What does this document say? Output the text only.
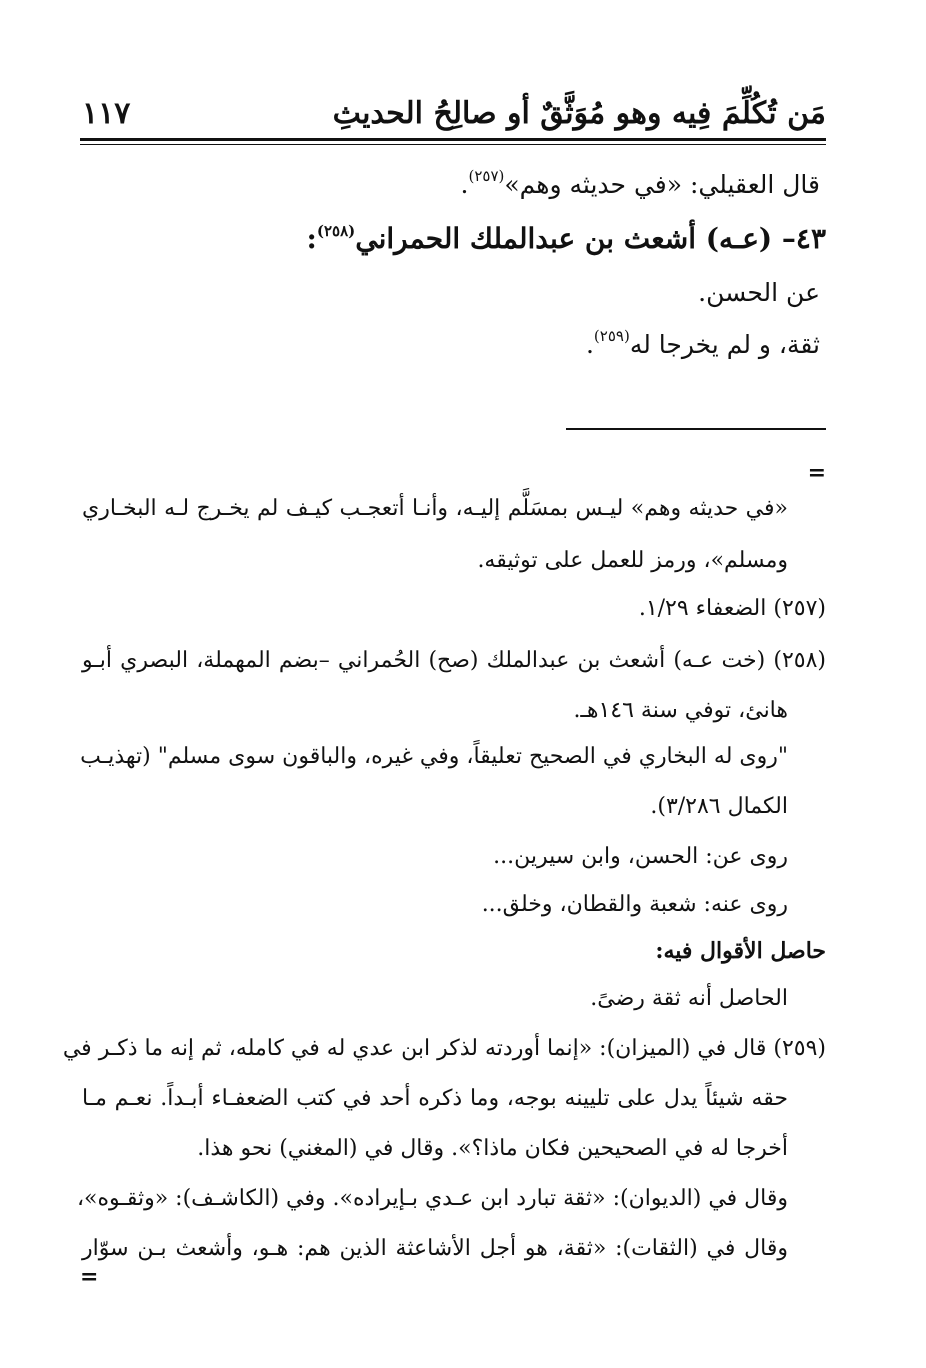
مَن تُكُلِّمَ فِيه وهو مُوَثَّقٌ أو صالِحُ الحديثِ
١١٧

قال العقيلي: «في حديثه وهم»$^{(٢٥٧)}$.

٤٣– (عـه) أشعث بن عبدالملك الحمراني$^{(٢٥٨)}$:

عن الحسن.

ثقة، و لم يخرجا له$^{(٢٥٩)}$.

=

«في حديثه وهم» ليـس بمسَلَّم إليـه، وأنـا أتعجـب كيـف لم يخـرج لـه البخـاري

ومسلم»، ورمز للعمل على توثيقه.

(٢٥٧) الضعفاء ١/٢٩.

(٢٥٨) (خت عـه) أشعث بن عبدالملك (صح) الحُمراني –بضم المهملة، البصري أبـو

هانئ، توفي سنة ١٤٦هـ.

"روى له البخاري في الصحيح تعليقاً، وفي غيره، والباقون سوى مسلم" (تهذيـب

الكمال ٣/٢٨٦).

روى عن: الحسن، وابن سيرين...

روى عنه: شعبة والقطان، وخلق...

حاصل الأقوال فيه:

الحاصل أنه ثقة رضىً.

(٢٥٩) قال في (الميزان): «إنما أوردته لذكر ابن عدي له في كامله، ثم إنه ما ذكـر في

حقه شيئاً يدل على تليينه بوجه، وما ذكره أحد في كتب الضعفـاء أبـداً. نعـم مـا

أخرجا له في الصحيحين فكان ماذا؟». وقال في (المغني) نحو هذا.

وقال في (الديوان): «ثقة تبارد ابن عـدي بـإيراده». وفي (الكاشـف): «وثقـوه»،

وقال في (الثقات): «ثقة، هو أجل الأشاعثة الذين هم: هـو، وأشعث بـن سوّار

=
